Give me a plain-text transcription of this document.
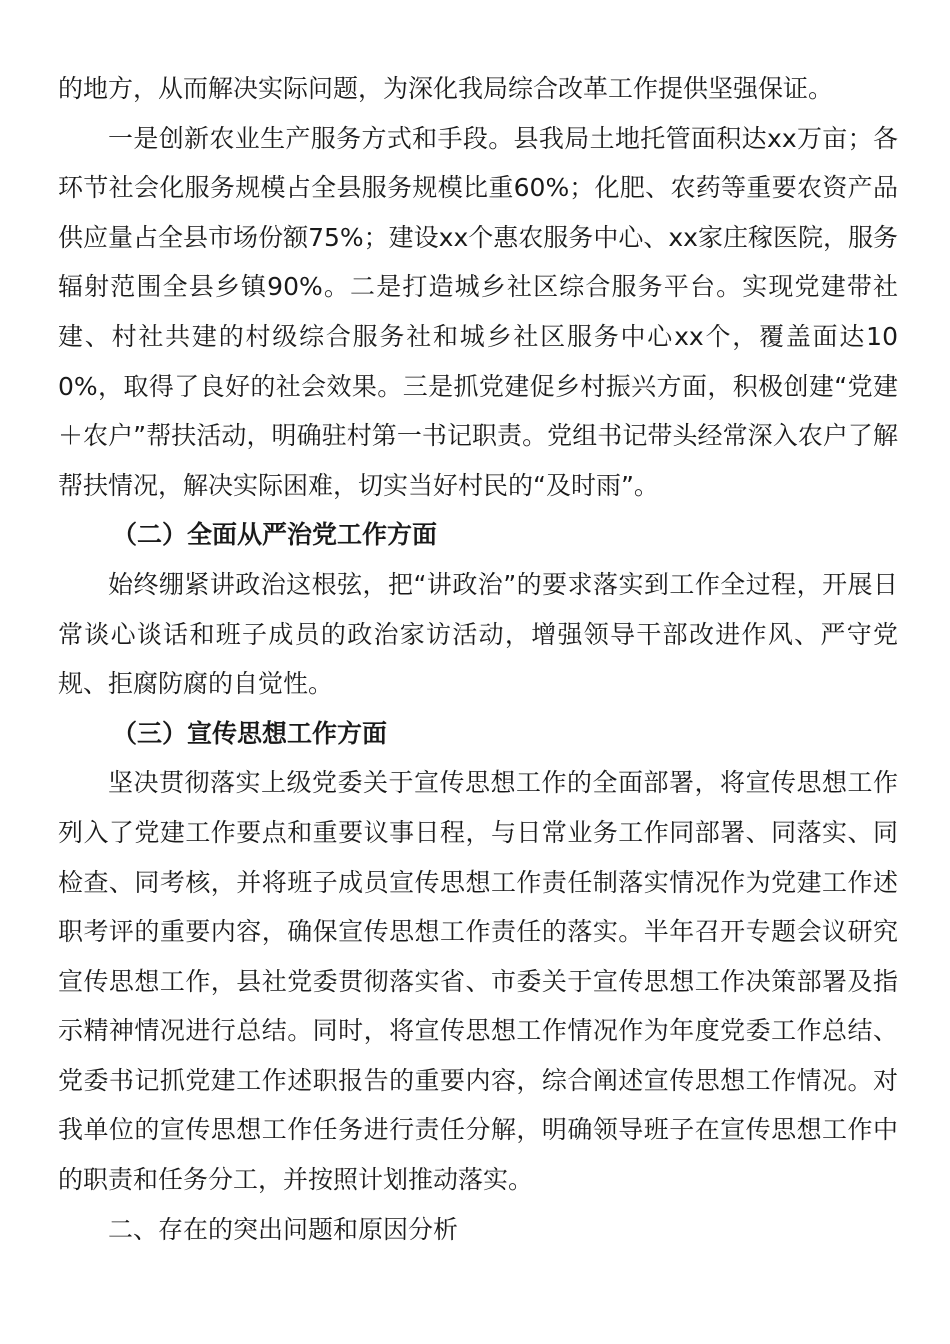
的地方，从而解决实际问题，为深化我局综合改革工作提供坚强保证。

一是创新农业生产服务方式和手段。县我局土地托管面积达xx万亩；各环节社会化服务规模占全县服务规模比重60%；化肥、农药等重要农资产品供应量占全县市场份额75%；建设xx个惠农服务中心、xx家庄稼医院，服务辐射范围全县乡镇90%。二是打造城乡社区综合服务平台。实现党建带社建、村社共建的村级综合服务社和城乡社区服务中心xx个，覆盖面达100%，取得了良好的社会效果。三是抓党建促乡村振兴方面，积极创建“党建＋农户”帮扶活动，明确驻村第一书记职责。党组书记带头经常深入农户了解帮扶情况，解决实际困难，切实当好村民的“及时雨”。

（二）全面从严治党工作方面

始终绷紧讲政治这根弦，把“讲政治”的要求落实到工作全过程，开展日常谈心谈话和班子成员的政治家访活动，增强领导干部改进作风、严守党规、拒腐防腐的自觉性。

（三）宣传思想工作方面

坚决贯彻落实上级党委关于宣传思想工作的全面部署，将宣传思想工作列入了党建工作要点和重要议事日程，与日常业务工作同部署、同落实、同检查、同考核，并将班子成员宣传思想工作责任制落实情况作为党建工作述职考评的重要内容，确保宣传思想工作责任的落实。半年召开专题会议研究宣传思想工作，县社党委贯彻落实省、市委关于宣传思想工作决策部署及指示精神情况进行总结。同时，将宣传思想工作情况作为年度党委工作总结、党委书记抓党建工作述职报告的重要内容，综合阐述宣传思想工作情况。对我单位的宣传思想工作任务进行责任分解，明确领导班子在宣传思想工作中的职责和任务分工，并按照计划推动落实。

二、存在的突出问题和原因分析
